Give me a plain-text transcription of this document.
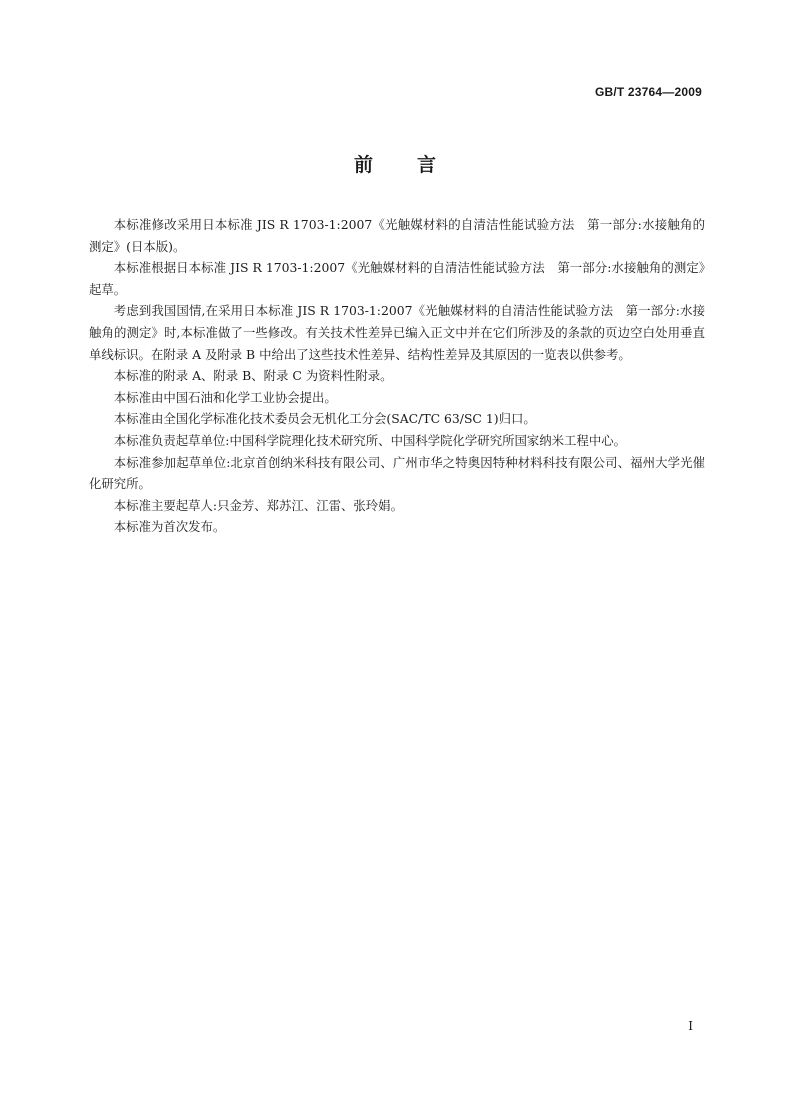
GB/T 23764—2009
前 言

本标准修改采用日本标准 JIS R 1703-1:2007《光触媒材料的自清洁性能试验方法　第一部分:水接触角的测定》(日本版)。

本标准根据日本标准 JIS R 1703-1:2007《光触媒材料的自清洁性能试验方法　第一部分:水接触角的测定》起草。

考虑到我国国情,在采用日本标准 JIS R 1703-1:2007《光触媒材料的自清洁性能试验方法　第一部分:水接触角的测定》时,本标准做了一些修改。有关技术性差异已编入正文中并在它们所涉及的条款的页边空白处用垂直单线标识。在附录 A 及附录 B 中给出了这些技术性差异、结构性差异及其原因的一览表以供参考。

本标准的附录 A、附录 B、附录 C 为资料性附录。

本标准由中国石油和化学工业协会提出。

本标准由全国化学标准化技术委员会无机化工分会(SAC/TC 63/SC 1)归口。

本标准负责起草单位:中国科学院理化技术研究所、中国科学院化学研究所国家纳米工程中心。

本标准参加起草单位:北京首创纳米科技有限公司、广州市华之特奥因特种材料科技有限公司、福州大学光催化研究所。

本标准主要起草人:只金芳、郑苏江、江雷、张玲娟。

本标准为首次发布。

I
